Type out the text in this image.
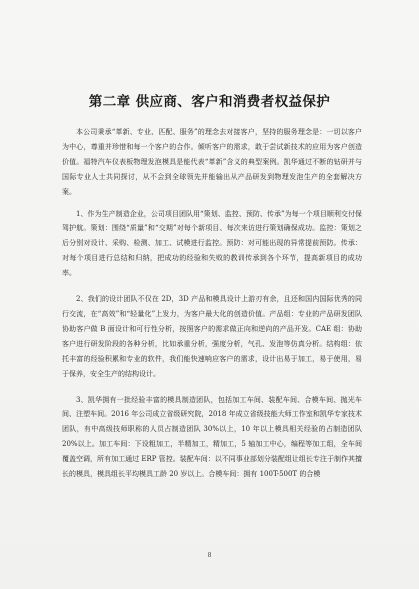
第二章 供应商、客户和消费者权益保护

本公司秉承“革新、专业、匹配、服务”的理念去对接客户，坚持的服务理念是：一切以客户为中心，尊重并珍惜和每一个客户的合作。倾听客户的需求，敢于尝试新技术的应用为客户创造价值。福特汽车仪表板物理发泡模具是能代表“革新”含义的典型案例。凯华通过不断的钻研并与国际专业人士共同探讨，从不会到全球领先并能输出从产品研发到物理发泡生产的全套解决方案。

1、作为生产制造企业，公司项目团队用“策划、监控、预防、传承”为每一个项目顺利交付保驾护航。策划：围绕“质量”和“交期”对每个新项目、每次来访进行策划确保成功。监控：策划之后分别对设计、采购、检测、加工、试模进行监控。预防：对可能出现的异常提前预防。传承：对每个项目进行总结和归纳，把成功的经验和失败的教训传承到各个环节，提高新项目的成功率。

2、我们的设计团队不仅在 2D，3D 产品和模具设计上游刃有余，且还和国内国际优秀的同行交流，在“高效”和“轻量化”上发力，为客户最大化的创造价值。产品组：专业的产品研发团队协助客户做 B 面设计和可行性分析，按照客户的需求做正向和逆向的产品开发。CAE 组：协助客户进行研发阶段的各种分析，比如承重分析，强度分析，气孔、发泡等仿真分析。结构组：依托丰富的经验积累和专业的软件，我们能快速响应客户的需求，设计出易于加工，易于使用，易于保养，安全生产的结构设计。

3、凯华拥有一批经验丰富的模具制造团队，包括加工车间、装配车间、合模车间、抛光车间、注塑车间。2016 年公司成立省级研究院，2018 年成立省级技能大师工作室和凯华专家技术团队，有中高级技师职称的人员占制造团队 30%以上，10 年以上模具相关经验的占制造团队 20%以上。加工车间：下设粗加工，半精加工，精加工，5 轴加工中心，编程等加工组，全车间覆盖空调，所有加工通过 ERP 管控。装配车间：以不同事业部划分装配组让组长专注于制作其擅长的模具，模具组长平均模具工龄 20 岁以上。合模车间：拥有 100T-500T 的合模

8
